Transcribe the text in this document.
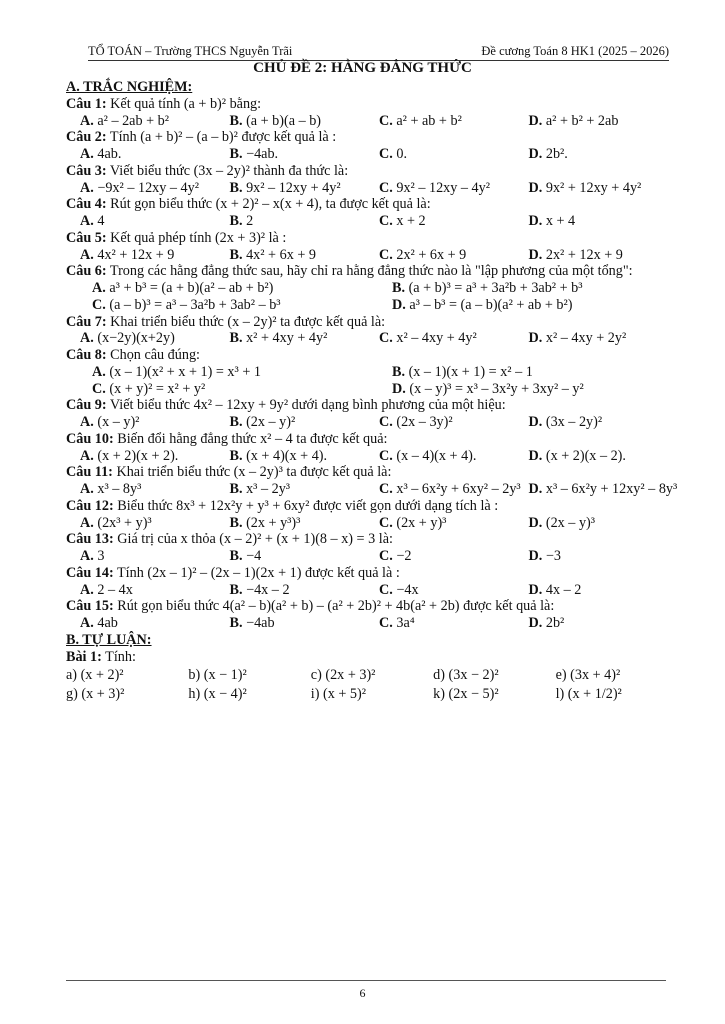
TỔ TOÁN – Trường THCS Nguyễn Trãi	Đề cương Toán 8 HK1 (2025 – 2026)
CHỦ ĐỀ 2: HẰNG ĐẲNG THỨC

A. TRẮC NGHIỆM:

Câu 1: Kết quả tính (a + b)² bằng:

A. a² – 2ab + b²	B. (a + b)(a – b)	C. a² + ab + b²	D. a² + b² + 2ab

Câu 2: Tính (a + b)² – (a – b)² được kết quả là :

A. 4ab.	B. −4ab.	C. 0.	D. 2b².

Câu 3: Viết biểu thức (3x – 2y)² thành đa thức là:

A. −9x² – 12xy – 4y²	B. 9x² – 12xy + 4y²	C. 9x² – 12xy – 4y²	D. 9x² + 12xy + 4y²

Câu 4: Rút gọn biểu thức (x + 2)² – x(x + 4), ta được kết quả là:

A. 4	B. 2	C. x + 2	D. x + 4

Câu 5: Kết quả phép tính (2x + 3)² là :

A. 4x² + 12x + 9	B. 4x² + 6x + 9	C. 2x² + 6x + 9	D. 2x² + 12x + 9

Câu 6: Trong các hằng đẳng thức sau, hãy chỉ ra hằng đẳng thức nào là "lập phương của một tổng":

A. a³ + b³ = (a + b)(a² – ab + b²)	B. (a + b)³ = a³ + 3a²b + 3ab² + b³
C. (a – b)³ = a³ – 3a²b + 3ab² – b³	D. a³ – b³ = (a – b)(a² + ab + b²)

Câu 7: Khai triển biểu thức (x – 2y)² ta được kết quả là:

A. (x−2y)(x+2y)	B. x² + 4xy + 4y²	C. x² – 4xy + 4y²	D. x² – 4xy + 2y²

Câu 8: Chọn câu đúng:

A. (x – 1)(x² + x + 1) = x³ + 1	B. (x – 1)(x + 1) = x² – 1
C. (x + y)² = x² + y²	D. (x – y)³ = x³ – 3x²y + 3xy² – y²

Câu 9: Viết biểu thức 4x² – 12xy + 9y² dưới dạng bình phương của một hiệu:

A. (x – y)²	B. (2x – y)²	C. (2x – 3y)²	D. (3x – 2y)²

Câu 10: Biến đổi hằng đẳng thức x² – 4 ta được kết quả:

A. (x + 2)(x + 2).	B. (x + 4)(x + 4).	C. (x – 4)(x + 4).	D. (x + 2)(x – 2).

Câu 11: Khai triển biểu thức (x – 2y)³ ta được kết quả là:

A. x³ – 8y³	B. x³ – 2y³	C. x³ – 6x²y + 6xy² – 2y³ D. x³ – 6x²y + 12xy² – 8y³

Câu 12: Biểu thức 8x³ + 12x²y + y³ + 6xy² được viết gọn dưới dạng tích là :

A. (2x³ + y)³	B. (2x + y³)³	C. (2x + y)³	D. (2x – y)³

Câu 13: Giá trị của x thỏa (x – 2)² + (x + 1)(8 – x) = 3 là:

A. 3	B. −4	C. −2	D. −3

Câu 14: Tính (2x – 1)² – (2x – 1)(2x + 1) được kết quả là :

A. 2 – 4x	B. −4x – 2	C. −4x	D. 4x – 2

Câu 15: Rút gọn biểu thức 4(a² – b)(a² + b) – (a² + 2b)² + 4b(a² + 2b) được kết quả là:

A. 4ab	B. −4ab	C. 3a⁴	D. 2b²

B. TỰ LUẬN:

Bài 1: Tính:

a) (x + 2)²	b) (x − 1)²	c) (2x + 3)²	d) (3x − 2)²	e) (3x + 4)²
g) (x + 3)²	h) (x − 4)²	i) (x + 5)²	k) (2x − 5)²	l) (x + 1/2)²
6
